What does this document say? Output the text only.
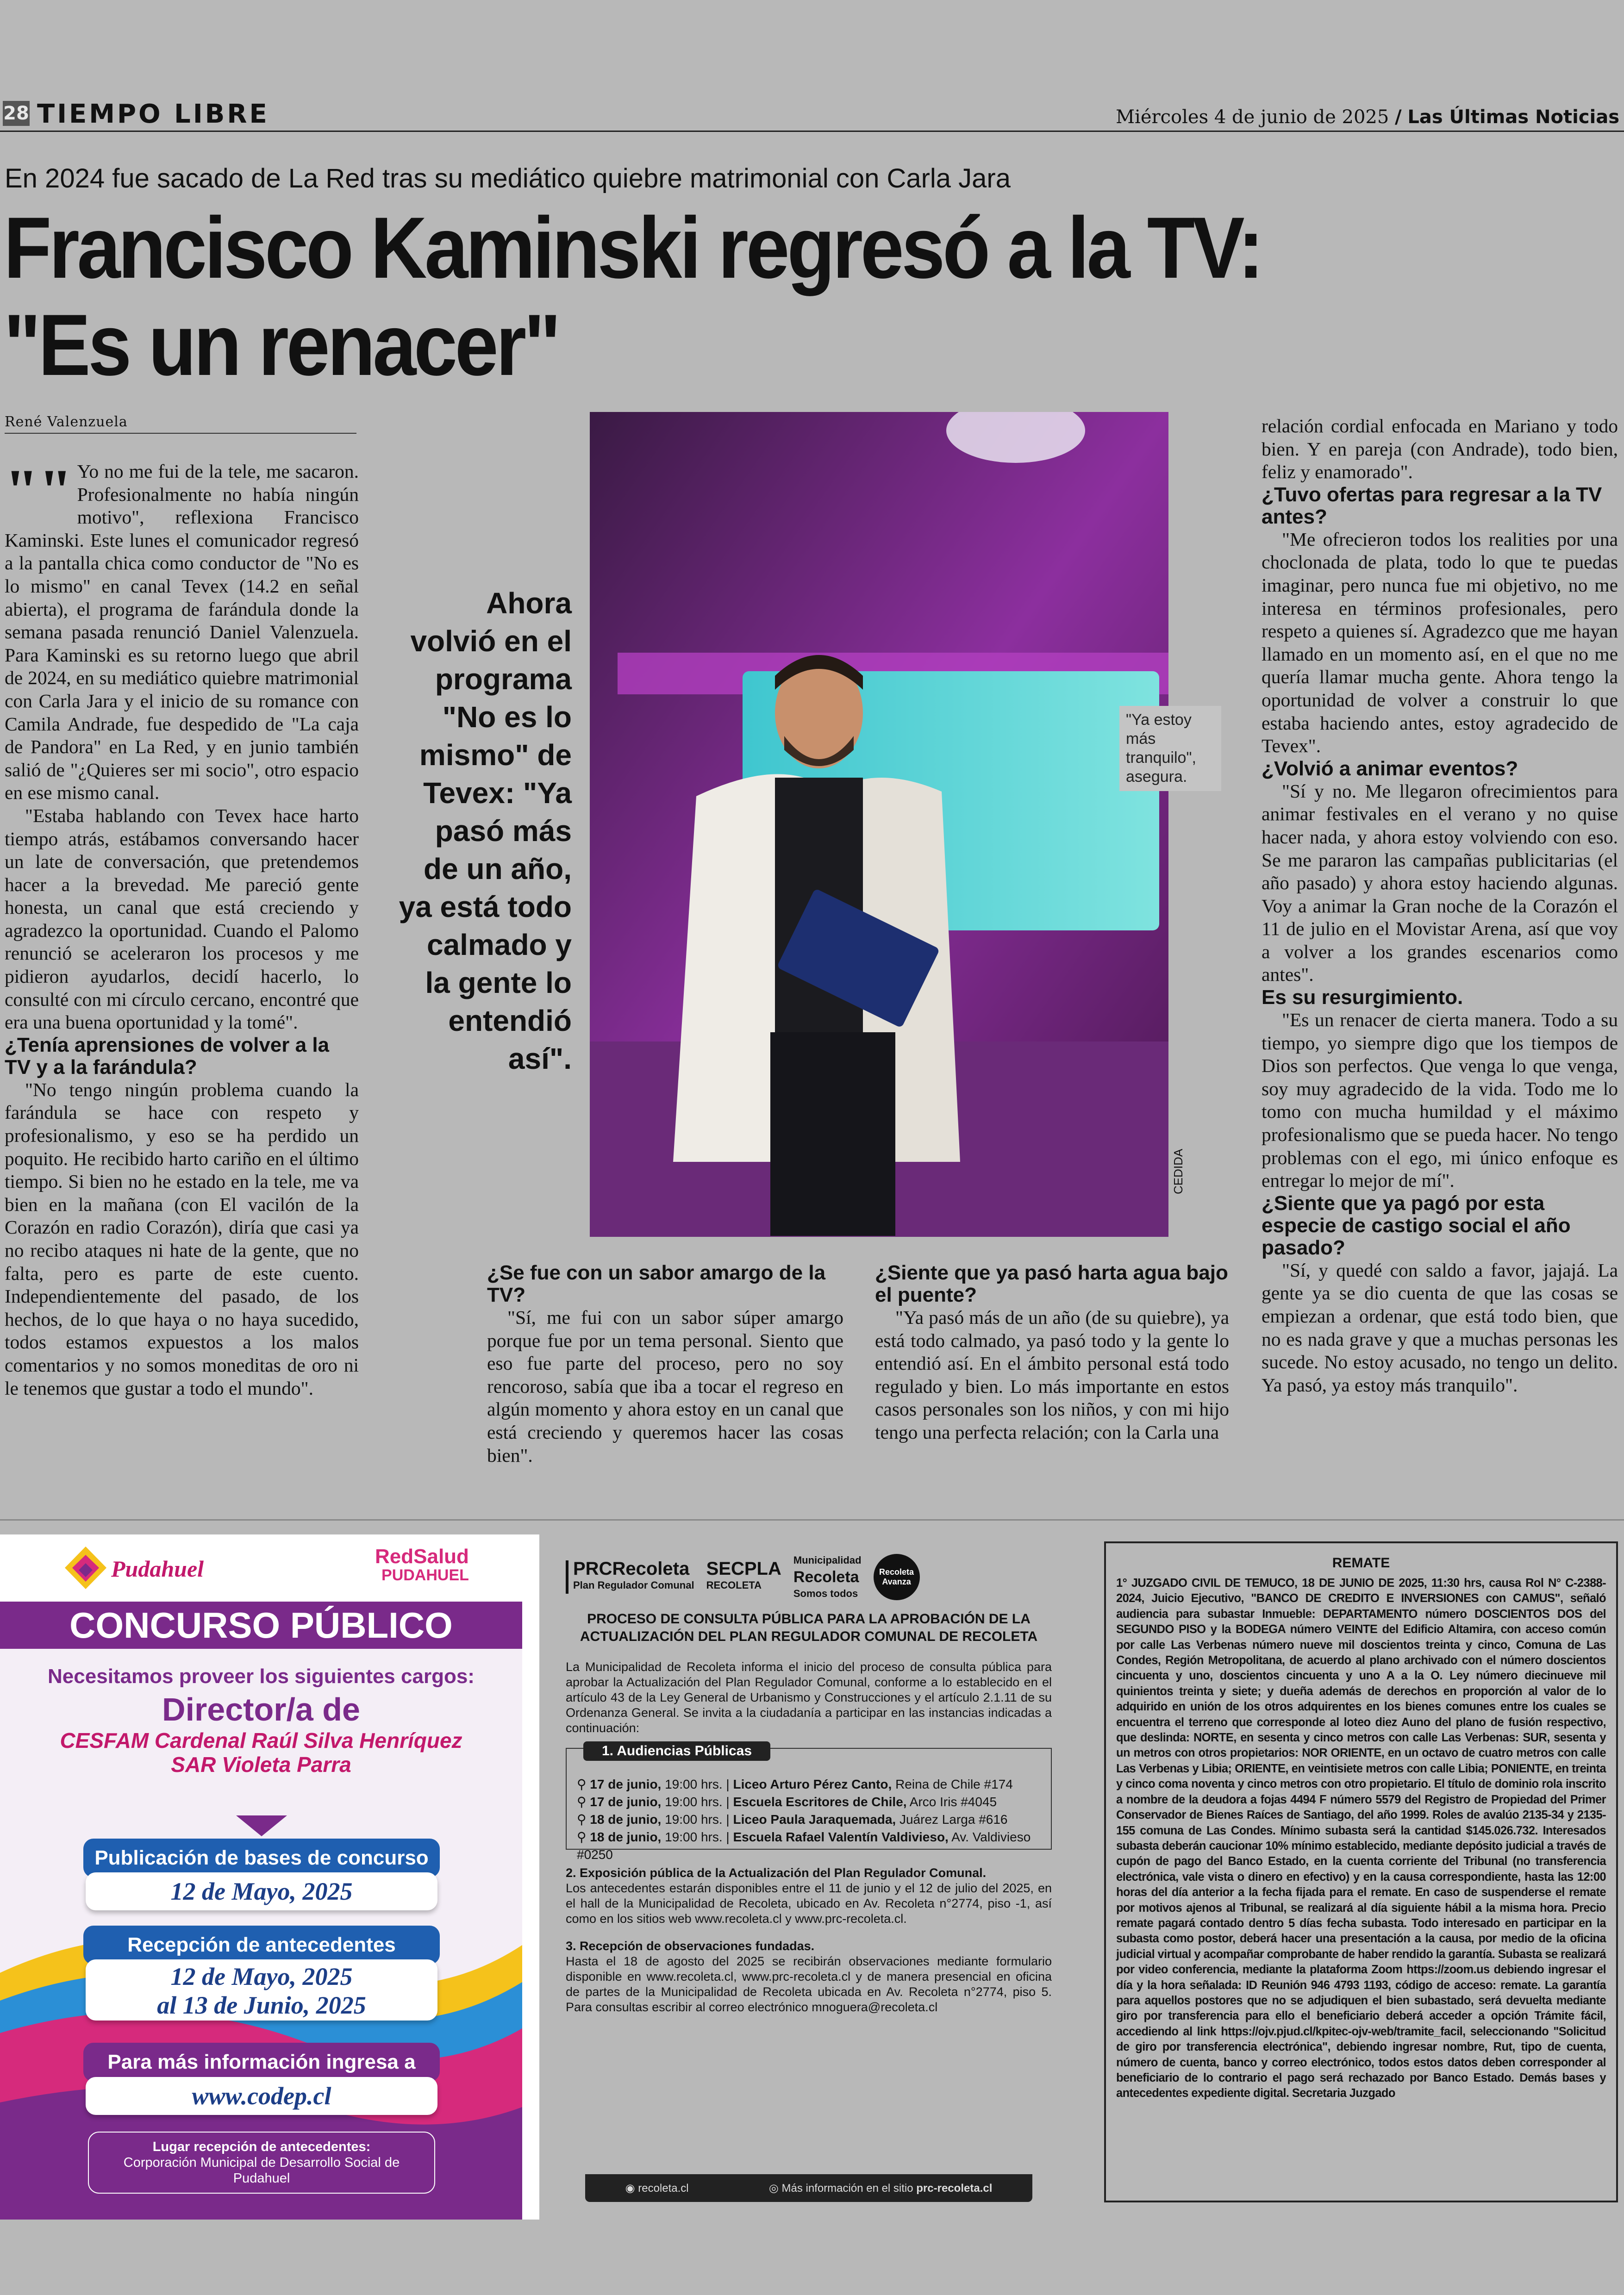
28 TIEMPO LIBRE	Miércoles 4 de junio de 2025 / Las Últimas Noticias
En 2024 fue sacado de La Red tras su mediático quiebre matrimonial con Carla Jara
Francisco Kaminski regresó a la TV:
"Es un renacer"
René Valenzuela
"" Yo no me fui de la tele, me sacaron. Profesionalmente no había ningún motivo", reflexiona Francisco Kaminski. Este lunes el comunicador regresó a la pantalla chica como conductor de "No es lo mismo" en canal Tevex (14.2 en señal abierta), el programa de farándula donde la semana pasada renunció Daniel Valenzuela. Para Kaminski es su retorno luego que abril de 2024, en su mediático quiebre matrimonial con Carla Jara y el inicio de su romance con Camila Andrade, fue despedido de "La caja de Pandora" en La Red, y en junio también salió de "¿Quieres ser mi socio", otro espacio en ese mismo canal.

"Estaba hablando con Tevex hace harto tiempo atrás, estábamos conversando hacer un late de conversación, que pretendemos hacer a la brevedad. Me pareció gente honesta, un canal que está creciendo y agradezco la oportunidad. Cuando el Palomo renunció se aceleraron los procesos y me pidieron ayudarlos, decidí hacerlo, lo consulté con mi círculo cercano, encontré que era una buena oportunidad y la tomé".

¿Tenía aprensiones de volver a la TV y a la farándula?

"No tengo ningún problema cuando la farándula se hace con respeto y profesionalismo, y eso se ha perdido un poquito. He recibido harto cariño en el último tiempo. Si bien no he estado en la tele, me va bien en la mañana (con El vacilón de la Corazón en radio Corazón), diría que casi ya no recibo ataques ni hate de la gente, que no falta, pero es parte de este cuento. Independientemente del pasado, de los hechos, de lo que haya o no haya sucedido, todos estamos expuestos a los malos comentarios y no somos moneditas de oro ni le tenemos que gustar a todo el mundo".

Ahora volvió en el programa "No es lo mismo" de Tevex: "Ya pasó más de un año, ya está todo calmado y la gente lo entendió así".
"Ya estoy más tranquilo", asegura.
CEDIDA
¿Se fue con un sabor amargo de la TV?

"Sí, me fui con un sabor súper amargo porque fue por un tema personal. Siento que eso fue parte del proceso, pero no soy rencoroso, sabía que iba a tocar el regreso en algún momento y ahora estoy en un canal que está creciendo y queremos hacer las cosas bien".

¿Siente que ya pasó harta agua bajo el puente?

"Ya pasó más de un año (de su quiebre), ya está todo calmado, ya pasó todo y la gente lo entendió así. En el ámbito personal está todo regulado y bien. Lo más importante en estos casos personales son los niños, y con mi hijo tengo una perfecta relación; con la Carla una

relación cordial enfocada en Mariano y todo bien. Y en pareja (con Andrade), todo bien, feliz y enamorado".

¿Tuvo ofertas para regresar a la TV antes?

"Me ofrecieron todos los realities por una choclonada de plata, todo lo que te puedas imaginar, pero nunca fue mi objetivo, no me interesa en términos profesionales, pero respeto a quienes sí. Agradezco que me hayan llamado en un momento así, en el que no me quería llamar mucha gente. Ahora tengo la oportunidad de volver a construir lo que estaba haciendo antes, estoy agradecido de Tevex".

¿Volvió a animar eventos?

"Sí y no. Me llegaron ofrecimientos para animar festivales en el verano y no quise hacer nada, y ahora estoy volviendo con eso. Se me pararon las campañas publicitarias (el año pasado) y ahora estoy haciendo algunas. Voy a animar la Gran noche de la Corazón el 11 de julio en el Movistar Arena, así que voy a volver a los grandes escenarios como antes".

Es su resurgimiento.

"Es un renacer de cierta manera. Todo a su tiempo, yo siempre digo que los tiempos de Dios son perfectos. Que venga lo que venga, soy muy agradecido de la vida. Todo me lo tomo con mucha humildad y el máximo profesionalismo que se pueda hacer. No tengo problemas con el ego, mi único enfoque es entregar lo mejor de mí".

¿Siente que ya pagó por esta especie de castigo social el año pasado?

"Sí, y quedé con saldo a favor, jajajá. La gente ya se dio cuenta de que las cosas se empiezan a ordenar, que está todo bien, que no es nada grave y que a muchas personas les sucede. No estoy acusado, no tengo un delito. Ya pasó, ya estoy más tranquilo".

Pudahuel	RedSalud
PUDAHUEL
CONCURSO PÚBLICO
Necesitamos proveer los siguientes cargos:
Director/a de
CESFAM Cardenal Raúl Silva Henríquez
SAR Violeta Parra
Publicación de bases de concurso
12 de Mayo, 2025
Recepción de antecedentes
12 de Mayo, 2025
al 13 de Junio, 2025
Para más información ingresa a
www.codep.cl
Lugar recepción de antecedentes:
Corporación Municipal de Desarrollo Social de Pudahuel
PRCRecoleta
Plan Regulador Comunal
SECPLA
RECOLETA
Municipalidad
Recoleta
Somos todos
Recoleta Avanza
PROCESO DE CONSULTA PÚBLICA PARA LA APROBACIÓN DE LA ACTUALIZACIÓN DEL PLAN REGULADOR COMUNAL DE RECOLETA

La Municipalidad de Recoleta informa el inicio del proceso de consulta pública para aprobar la Actualización del Plan Regulador Comunal, conforme a lo establecido en el artículo 43 de la Ley General de Urbanismo y Construcciones y el artículo 2.1.11 de su Ordenanza General. Se invita a la ciudadanía a participar en las instancias indicadas a continuación:

1. Audiencias Públicas
⚲ 17 de junio, 19:00 hrs. | Liceo Arturo Pérez Canto, Reina de Chile #174
⚲ 17 de junio, 19:00 hrs. | Escuela Escritores de Chile, Arco Iris #4045
⚲ 18 de junio, 19:00 hrs. | Liceo Paula Jaraquemada, Juárez Larga #616
⚲ 18 de junio, 19:00 hrs. | Escuela Rafael Valentín Valdivieso, Av. Valdivieso #0250

2. Exposición pública de la Actualización del Plan Regulador Comunal.
Los antecedentes estarán disponibles entre el 11 de junio y el 12 de julio del 2025, en el hall de la Municipalidad de Recoleta, ubicado en Av. Recoleta n°2774, piso -1, así como en los sitios web www.recoleta.cl y www.prc-recoleta.cl.

3. Recepción de observaciones fundadas.
Hasta el 18 de agosto del 2025 se recibirán observaciones mediante formulario disponible en www.recoleta.cl, www.prc-recoleta.cl y de manera presencial en oficina de partes de la Municipalidad de Recoleta ubicada en Av. Recoleta n°2774, piso 5. Para consultas escribir al correo electrónico mnoguera@recoleta.cl

◉ recoleta.cl	◎ Más información en el sitio prc-recoleta.cl
REMATE

1° JUZGADO CIVIL DE TEMUCO, 18 DE JUNIO DE 2025, 11:30 hrs, causa Rol N° C-2388-2024, Juicio Ejecutivo, "BANCO DE CREDITO E INVERSIONES con CAMUS", señaló audiencia para subastar Inmueble: DEPARTAMENTO número DOSCIENTOS DOS del SEGUNDO PISO y la BODEGA número VEINTE del Edificio Altamira, con acceso común por calle Las Verbenas número nueve mil doscientos treinta y cinco, Comuna de Las Condes, Región Metropolitana, de acuerdo al plano archivado con el número doscientos cincuenta y uno, doscientos cincuenta y uno A a la O. Ley número diecinueve mil quinientos treinta y siete; y dueña además de derechos en proporción al valor de lo adquirido en unión de los otros adquirentes en los bienes comunes entre los cuales se encuentra el terreno que corresponde al loteo diez Auno del plano de fusión respectivo, que deslinda: NORTE, en sesenta y cinco metros con calle Las Verbenas: SUR, sesenta y un metros con otros propietarios: NOR ORIENTE, en un octavo de cuatro metros con calle Las Verbenas y Libia; ORIENTE, en veintisiete metros con calle Libia; PONIENTE, en treinta y cinco coma noventa y cinco metros con otro propietario. El título de dominio rola inscrito a nombre de la deudora a fojas 4494 F número 5579 del Registro de Propiedad del Primer Conservador de Bienes Raíces de Santiago, del año 1999. Roles de avalúo 2135-34 y 2135-155 comuna de Las Condes. Mínimo subasta será la cantidad $145.026.732. Interesados subasta deberán caucionar 10% mínimo establecido, mediante depósito judicial a través de cupón de pago del Banco Estado, en la cuenta corriente del Tribunal (no transferencia electrónica, vale vista o dinero en efectivo) y en la causa correspondiente, hasta las 12:00 horas del día anterior a la fecha fijada para el remate. En caso de suspenderse el remate por motivos ajenos al Tribunal, se realizará al día siguiente hábil a la misma hora. Precio remate pagará contado dentro 5 días fecha subasta. Todo interesado en participar en la subasta como postor, deberá hacer una presentación a la causa, por medio de la oficina judicial virtual y acompañar comprobante de haber rendido la garantía. Subasta se realizará por video conferencia, mediante la plataforma Zoom https://zoom.us debiendo ingresar el día y la hora señalada: ID Reunión 946 4793 1193, código de acceso: remate. La garantía para aquellos postores que no se adjudiquen el bien subastado, será devuelta mediante giro por transferencia para ello el beneficiario deberá acceder a opción Trámite fácil, accediendo al link https://ojv.pjud.cl/kpitec-ojv-web/tramite_facil, seleccionando "Solicitud de giro por transferencia electrónica", debiendo ingresar nombre, Rut, tipo de cuenta, número de cuenta, banco y correo electrónico, todos estos datos deben corresponder al beneficiario de lo contrario el pago será rechazado por Banco Estado. Demás bases y antecedentes expediente digital. Secretaria Juzgado
